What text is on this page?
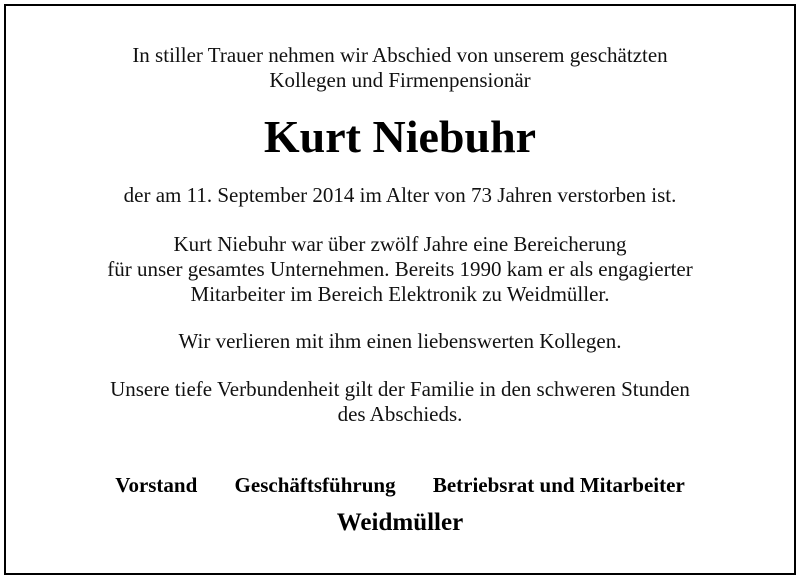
In stiller Trauer nehmen wir Abschied von unserem geschätzten
Kollegen und Firmenpensionär
Kurt Niebuhr
der am 11. September 2014 im Alter von 73 Jahren verstorben ist.
Kurt Niebuhr war über zwölf Jahre eine Bereicherung
für unser gesamtes Unternehmen. Bereits 1990 kam er als engagierter
Mitarbeiter im Bereich Elektronik zu Weidmüller.
Wir verlieren mit ihm einen liebenswerten Kollegen.
Unsere tiefe Verbundenheit gilt der Familie in den schweren Stunden
des Abschieds.
Vorstand Geschäftsführung Betriebsrat und Mitarbeiter
Weidmüller
